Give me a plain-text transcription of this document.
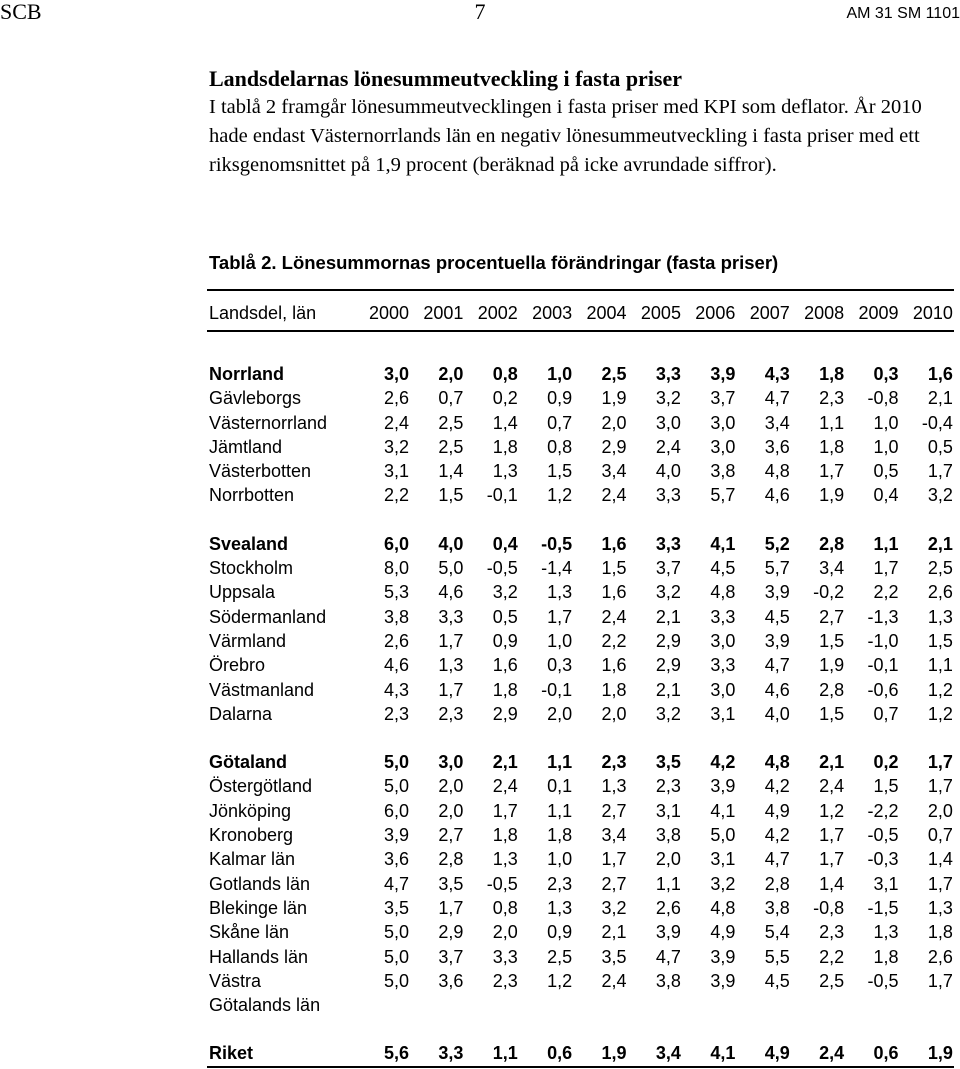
SCB	7	AM 31 SM 1101
Landsdelarnas lönesummeutveckling i fasta priser
I tablå 2 framgår lönesummeutvecklingen i fasta priser med KPI som deflator. År 2010 hade endast Västernorrlands län en negativ lönesummeutveckling i fasta priser med ett riksgenomsnittet på 1,9 procent (beräknad på icke avrundade siffror).
Tablå 2. Lönesummornas procentuella förändringar (fasta priser)
Landsdel, län	2000	2001	2002	2003	2004	2005	2006	2007	2008	2009	2010

Norrland	3,0	2,0	0,8	1,0	2,5	3,3	3,9	4,3	1,8	0,3	1,6
Gävleborgs	2,6	0,7	0,2	0,9	1,9	3,2	3,7	4,7	2,3	-0,8	2,1
Västernorrland	2,4	2,5	1,4	0,7	2,0	3,0	3,0	3,4	1,1	1,0	-0,4
Jämtland	3,2	2,5	1,8	0,8	2,9	2,4	3,0	3,6	1,8	1,0	0,5
Västerbotten	3,1	1,4	1,3	1,5	3,4	4,0	3,8	4,8	1,7	0,5	1,7
Norrbotten	2,2	1,5	-0,1	1,2	2,4	3,3	5,7	4,6	1,9	0,4	3,2

Svealand	6,0	4,0	0,4	-0,5	1,6	3,3	4,1	5,2	2,8	1,1	2,1
Stockholm	8,0	5,0	-0,5	-1,4	1,5	3,7	4,5	5,7	3,4	1,7	2,5
Uppsala	5,3	4,6	3,2	1,3	1,6	3,2	4,8	3,9	-0,2	2,2	2,6
Södermanland	3,8	3,3	0,5	1,7	2,4	2,1	3,3	4,5	2,7	-1,3	1,3
Värmland	2,6	1,7	0,9	1,0	2,2	2,9	3,0	3,9	1,5	-1,0	1,5
Örebro	4,6	1,3	1,6	0,3	1,6	2,9	3,3	4,7	1,9	-0,1	1,1
Västmanland	4,3	1,7	1,8	-0,1	1,8	2,1	3,0	4,6	2,8	-0,6	1,2
Dalarna	2,3	2,3	2,9	2,0	2,0	3,2	3,1	4,0	1,5	0,7	1,2

Götaland	5,0	3,0	2,1	1,1	2,3	3,5	4,2	4,8	2,1	0,2	1,7
Östergötland	5,0	2,0	2,4	0,1	1,3	2,3	3,9	4,2	2,4	1,5	1,7
Jönköping	6,0	2,0	1,7	1,1	2,7	3,1	4,1	4,9	1,2	-2,2	2,0
Kronoberg	3,9	2,7	1,8	1,8	3,4	3,8	5,0	4,2	1,7	-0,5	0,7
Kalmar län	3,6	2,8	1,3	1,0	1,7	2,0	3,1	4,7	1,7	-0,3	1,4
Gotlands län	4,7	3,5	-0,5	2,3	2,7	1,1	3,2	2,8	1,4	3,1	1,7
Blekinge län	3,5	1,7	0,8	1,3	3,2	2,6	4,8	3,8	-0,8	-1,5	1,3
Skåne län	5,0	2,9	2,0	0,9	2,1	3,9	4,9	5,4	2,3	1,3	1,8
Hallands län	5,0	3,7	3,3	2,5	3,5	4,7	3,9	5,5	2,2	1,8	2,6
Västra	5,0	3,6	2,3	1,2	2,4	3,8	3,9	4,5	2,5	-0,5	1,7
Götalands län											

Riket	5,6	3,3	1,1	0,6	1,9	3,4	4,1	4,9	2,4	0,6	1,9
